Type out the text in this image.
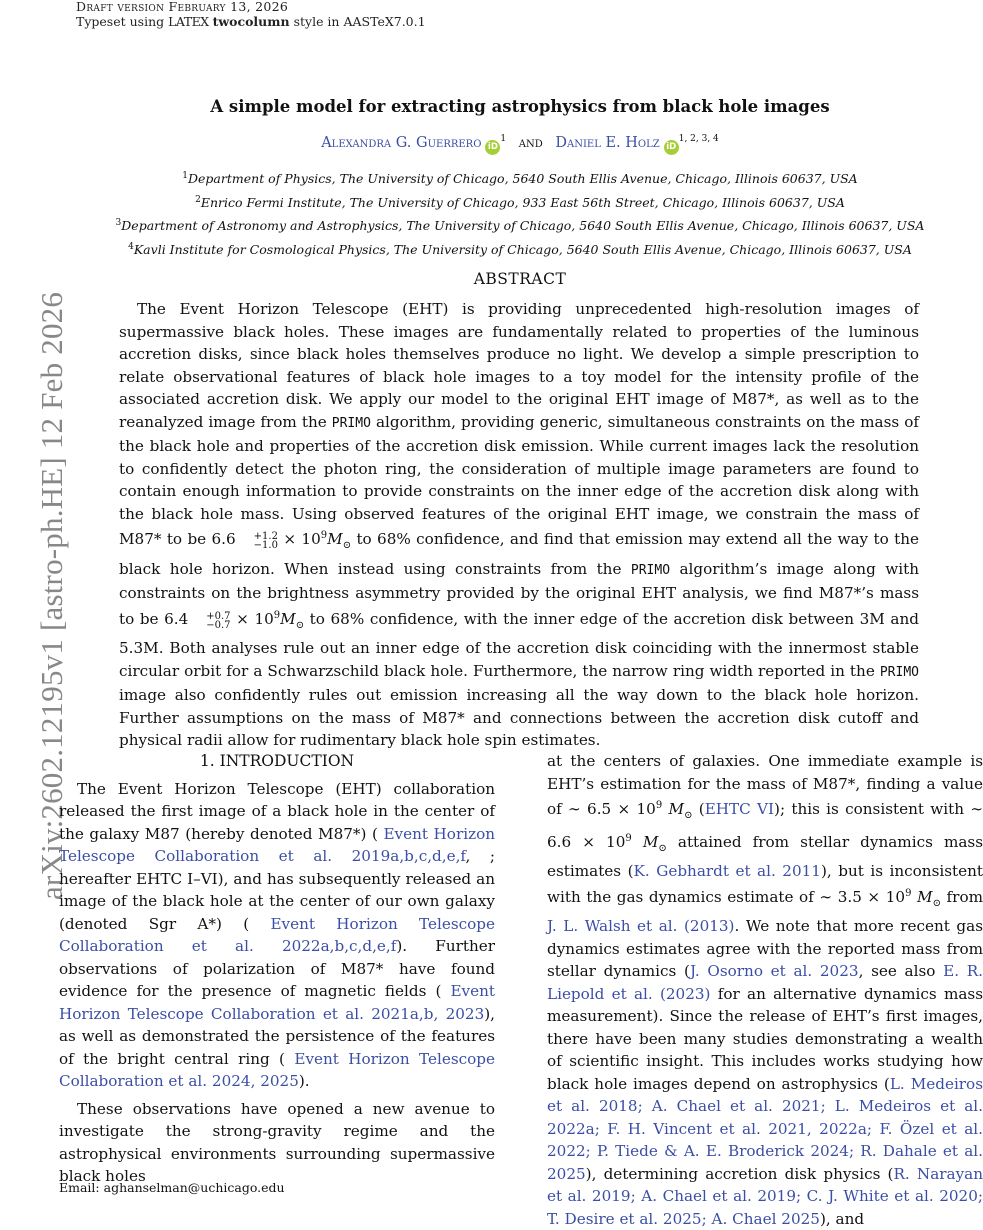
Draft version February 13, 2026
Typeset using LATEX twocolumn style in AASTeX7.0.1
A simple model for extracting astrophysics from black hole images
Alexandra G. Guerrero iD$^1$ and Daniel E. Holz iD$^{1, 2, 3, 4}$
$^1$Department of Physics, The University of Chicago, 5640 South Ellis Avenue, Chicago, Illinois 60637, USA
$^2$Enrico Fermi Institute, The University of Chicago, 933 East 56th Street, Chicago, Illinois 60637, USA
$^3$Department of Astronomy and Astrophysics, The University of Chicago, 5640 South Ellis Avenue, Chicago, Illinois 60637, USA
$^4$Kavli Institute for Cosmological Physics, The University of Chicago, 5640 South Ellis Avenue, Chicago, Illinois 60637, USA
arXiv:2602.12195v1 [astro-ph.HE] 12 Feb 2026
ABSTRACT
The Event Horizon Telescope (EHT) is providing unprecedented high-resolution images of supermassive black holes. These images are fundamentally related to properties of the luminous accretion disks, since black holes themselves produce no light. We develop a simple prescription to relate observational features of black hole images to a toy model for the intensity profile of the associated accretion disk. We apply our model to the original EHT image of M87*, as well as to the reanalyzed image from the PRIMO algorithm, providing generic, simultaneous constraints on the mass of the black hole and properties of the accretion disk emission. While current images lack the resolution to confidently detect the photon ring, the consideration of multiple image parameters are found to contain enough information to provide constraints on the inner edge of the accretion disk along with the black hole mass. Using observed features of the original EHT image, we constrain the mass of M87* to be 6.6	+1.2
$-1.0 \times 10^9M_⊙$ to 68% confidence, and find that emission may extend all the way to the black hole horizon. When instead using constraints from the PRIMO algorithm’s image along with constraints on the brightness asymmetry provided by the original EHT analysis, we find M87*’s mass to be 6.4	+0.7
$-0.7 \times 10^9M_⊙$ to 68% confidence, with the inner edge of the accretion disk between 3M and 5.3M. Both analyses rule out an inner edge of the accretion disk coinciding with the innermost stable circular orbit for a Schwarzschild black hole. Furthermore, the narrow ring width reported in the PRIMO image also confidently rules out emission increasing all the way down to the black hole horizon. Further assumptions on the mass of M87* and connections between the accretion disk cutoff and physical radii allow for rudimentary black hole spin estimates.

1. INTRODUCTION

The Event Horizon Telescope (EHT) collaboration released the first image of a black hole in the center of the galaxy M87 (hereby denoted M87*) ( Event Horizon Telescope Collaboration et al. 2019a,b,c,d,e,f, ; hereafter EHTC I–VI), and has subsequently released an image of the black hole at the center of our own galaxy (denoted Sgr A*) ( Event Horizon Telescope Collaboration et al. 2022a,b,c,d,e,f). Further observations of polarization of M87* have found evidence for the presence of magnetic fields ( Event Horizon Telescope Collaboration et al. 2021a,b, 2023), as well as demonstrated the persistence of the features of the bright central ring ( Event Horizon Telescope Collaboration et al. 2024, 2025).

These observations have opened a new avenue to investigate the strong-gravity regime and the astrophysical environments surrounding supermassive black holes

at the centers of galaxies. One immediate example is EHT’s estimation for the mass of M87*, finding a value of ∼ $6.5 \times 10^9$ $M_⊙$ (EHTC VI); this is consistent with ∼ $6.6 \times 10^9$ $M_⊙$ attained from stellar dynamics mass estimates (K. Gebhardt et al. 2011), but is inconsistent with the gas dynamics estimate of ∼ $3.5 \times 10^9$ $M_⊙$ from J. L. Walsh et al. (2013). We note that more recent gas dynamics estimates agree with the reported mass from stellar dynamics (J. Osorno et al. 2023, see also E. R. Liepold et al. (2023) for an alternative dynamics mass measurement). Since the release of EHT’s first images, there have been many studies demonstrating a wealth of scientific insight. This includes works studying how black hole images depend on astrophysics (L. Medeiros et al. 2018; A. Chael et al. 2021; L. Medeiros et al. 2022a; F. H. Vincent et al. 2021, 2022a; F. Özel et al. 2022; P. Tiede & A. E. Broderick 2024; R. Dahale et al. 2025), determining accretion disk physics (R. Narayan et al. 2019; A. Chael et al. 2019; C. J. White et al. 2020; T. Desire et al. 2025; A. Chael 2025), and

Email: aghanselman@uchicago.edu
